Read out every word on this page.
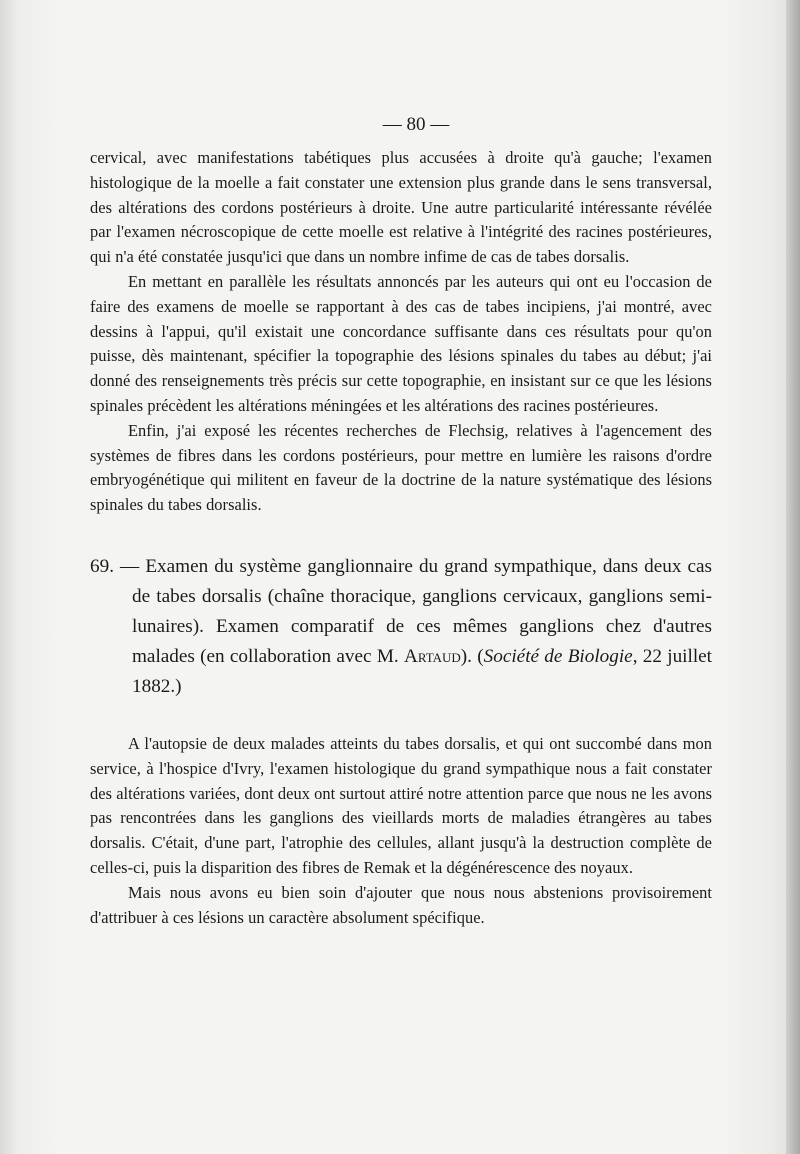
— 80 —

cervical, avec manifestations tabétiques plus accusées à droite qu'à gauche; l'examen histologique de la moelle a fait constater une extension plus grande dans le sens transversal, des altérations des cordons postérieurs à droite. Une autre particularité intéressante révélée par l'examen nécroscopique de cette moelle est relative à l'intégrité des racines postérieures, qui n'a été constatée jusqu'ici que dans un nombre infime de cas de tabes dorsalis.

En mettant en parallèle les résultats annoncés par les auteurs qui ont eu l'occasion de faire des examens de moelle se rapportant à des cas de tabes incipiens, j'ai montré, avec dessins à l'appui, qu'il existait une concordance suffisante dans ces résultats pour qu'on puisse, dès maintenant, spécifier la topographie des lésions spinales du tabes au début; j'ai donné des renseignements très précis sur cette topographie, en insistant sur ce que les lésions spinales précèdent les altérations méningées et les altérations des racines postérieures.

Enfin, j'ai exposé les récentes recherches de Flechsig, relatives à l'agencement des systèmes de fibres dans les cordons postérieurs, pour mettre en lumière les raisons d'ordre embryogénétique qui militent en faveur de la doctrine de la nature systématique des lésions spinales du tabes dorsalis.

69. — Examen du système ganglionnaire du grand sympathique, dans deux cas de tabes dorsalis (chaîne thoracique, ganglions cervicaux, ganglions semi-lunaires). Examen comparatif de ces mêmes ganglions chez d'autres malades (en collaboration avec M. Artaud). (Société de Biologie, 22 juillet 1882.)

A l'autopsie de deux malades atteints du tabes dorsalis, et qui ont succombé dans mon service, à l'hospice d'Ivry, l'examen histologique du grand sympathique nous a fait constater des altérations variées, dont deux ont surtout attiré notre attention parce que nous ne les avons pas rencontrées dans les ganglions des vieillards morts de maladies étrangères au tabes dorsalis. C'était, d'une part, l'atrophie des cellules, allant jusqu'à la destruction complète de celles-ci, puis la disparition des fibres de Remak et la dégénérescence des noyaux.

Mais nous avons eu bien soin d'ajouter que nous nous abstenions provisoirement d'attribuer à ces lésions un caractère absolument spécifique.
